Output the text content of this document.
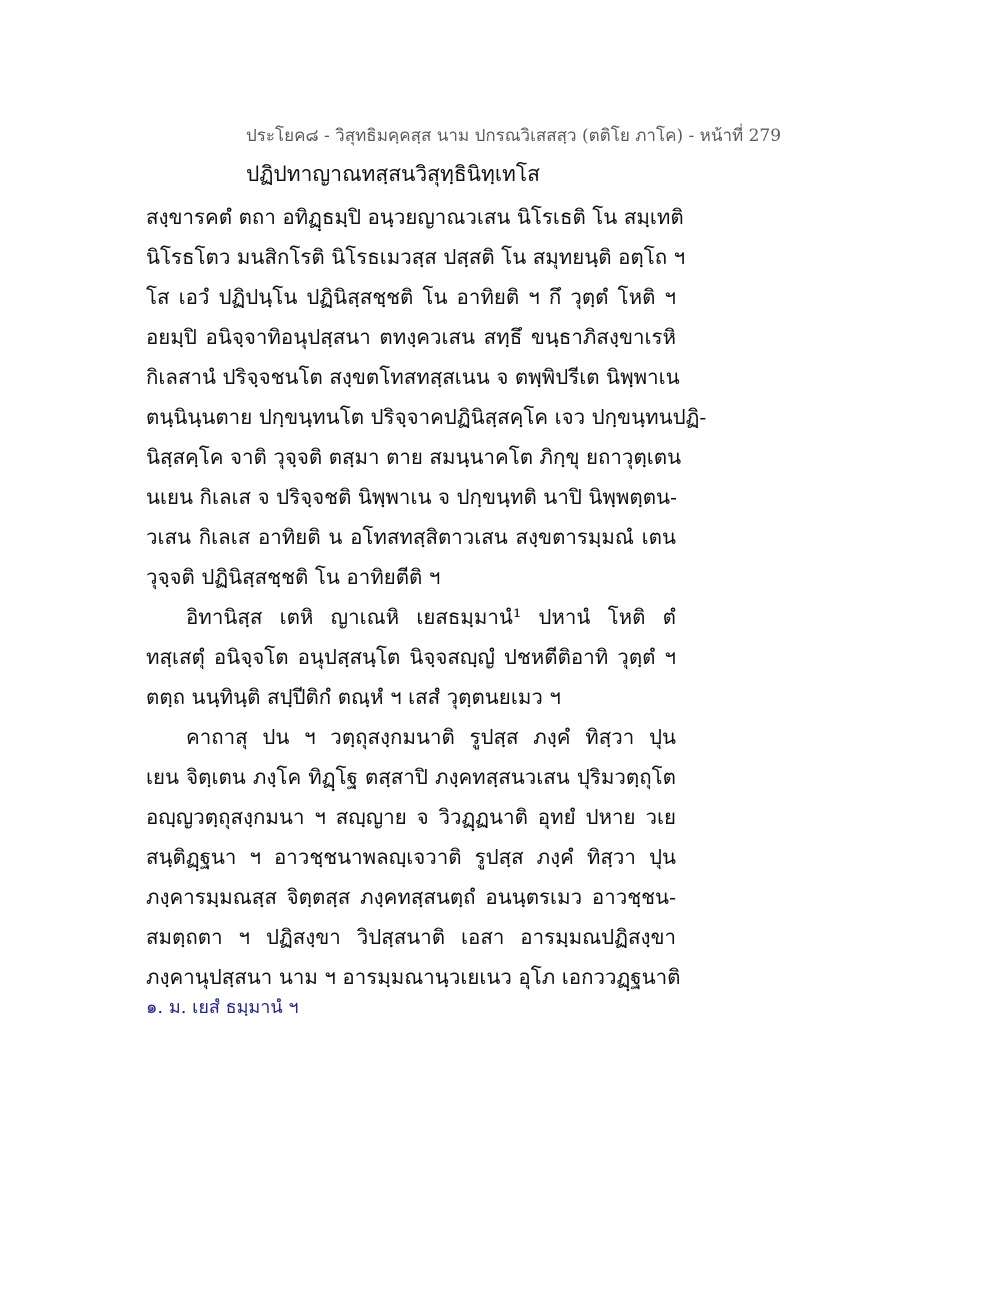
ประโยค๘ - วิสุทธิมคฺคสฺส นาม ปกรณวิเสสสฺว (ตติโย ภาโค) - หน้าที่ 279
ปฏิปทาญาณทสฺสนวิสุทฺธินิทฺเทโส
สงฺขารคตํ ตถา อทิฏฺธมฺปิ อนฺวยญาณวเสน นิโรเธติ โน สมฺเทติ
นิโรธโตว มนสิกโรติ นิโรธเมวสฺส ปสฺสติ โน สมุทยนฺติ อตฺโถ ฯ
โส เอวํ ปฏิปนฺโน ปฏินิสฺสชฺชติ โน อาทิยติ ฯ กึ วุตฺตํ โหติ ฯ
อยมฺปิ อนิจฺจาทิอนุปสฺสนา ตทงฺควเสน สทฺธึ ขนฺธาภิสงฺขาเรหิ
กิเลสานํ ปริจฺจชนโต สงฺขตโทสทสฺสเนน จ ตพฺพิปรีเต นิพฺพาเน
ตนฺนินฺนตาย ปกฺขนฺทนโต ปริจฺจาคปฏินิสฺสคฺโค เจว ปกฺขนฺทนปฏิ-
นิสฺสคฺโค จาติ วุจฺจติ ตสฺมา ตาย สมนฺนาคโต ภิกฺขุ ยถาวุตฺเตน
นเยน กิเลเส จ ปริจฺจชติ นิพฺพาเน จ ปกฺขนฺทติ นาปิ นิพฺพตฺตน-
วเสน กิเลเส อาทิยติ น อโทสทสฺสิตาวเสน สงฺขตารมฺมณํ เตน
วุจฺจติ ปฏินิสฺสชฺชติ โน อาทิยตีติ ฯ
อิทานิสฺส เตหิ ญาเณหิ เยสธมฺมานํ¹ ปหานํ โหติ ตํ
ทสฺเสตุํ อนิจฺจโต อนุปสฺสนฺโต นิจฺจสญฺญํ ปชหตีติอาทิ วุตฺตํ ฯ
ตตฺถ นนฺทินฺติ สปฺปีติกํ ตณฺหํ ฯ เสสํ วุตฺตนยเมว ฯ
คาถาสุ ปน ฯ วตฺถุสงฺกมนาติ รูปสฺส ภงฺคํ ทิสฺวา ปุน
เยน จิตฺเตน ภงฺโค ทิฏฺโฐ ตสฺสาปิ ภงฺคทสฺสนวเสน ปุริมวตฺถุโต
อญฺญวตฺถุสงฺกมนา ฯ สญฺญาย จ วิวฏฺฏนาติ อุทยํ ปหาย วเย
สนฺติฏฺฐนา ฯ อาวชฺชนาพลญฺเจวาติ รูปสฺส ภงฺคํ ทิสฺวา ปุน
ภงฺคารมฺมณสฺส จิตฺตสฺส ภงฺคทสฺสนตฺถํ อนนฺตรเมว อาวชฺชน-
สมตฺถตา ฯ ปฏิสงฺขา วิปสฺสนาติ เอสา อารมฺมณปฏิสงฺขา
ภงฺคานุปสฺสนา นาม ฯ อารมฺมณานฺวเยเนว อุโภ เอกววฏฺฐนาติ
๑. ม. เยสํ ธมฺมานํ ฯ
